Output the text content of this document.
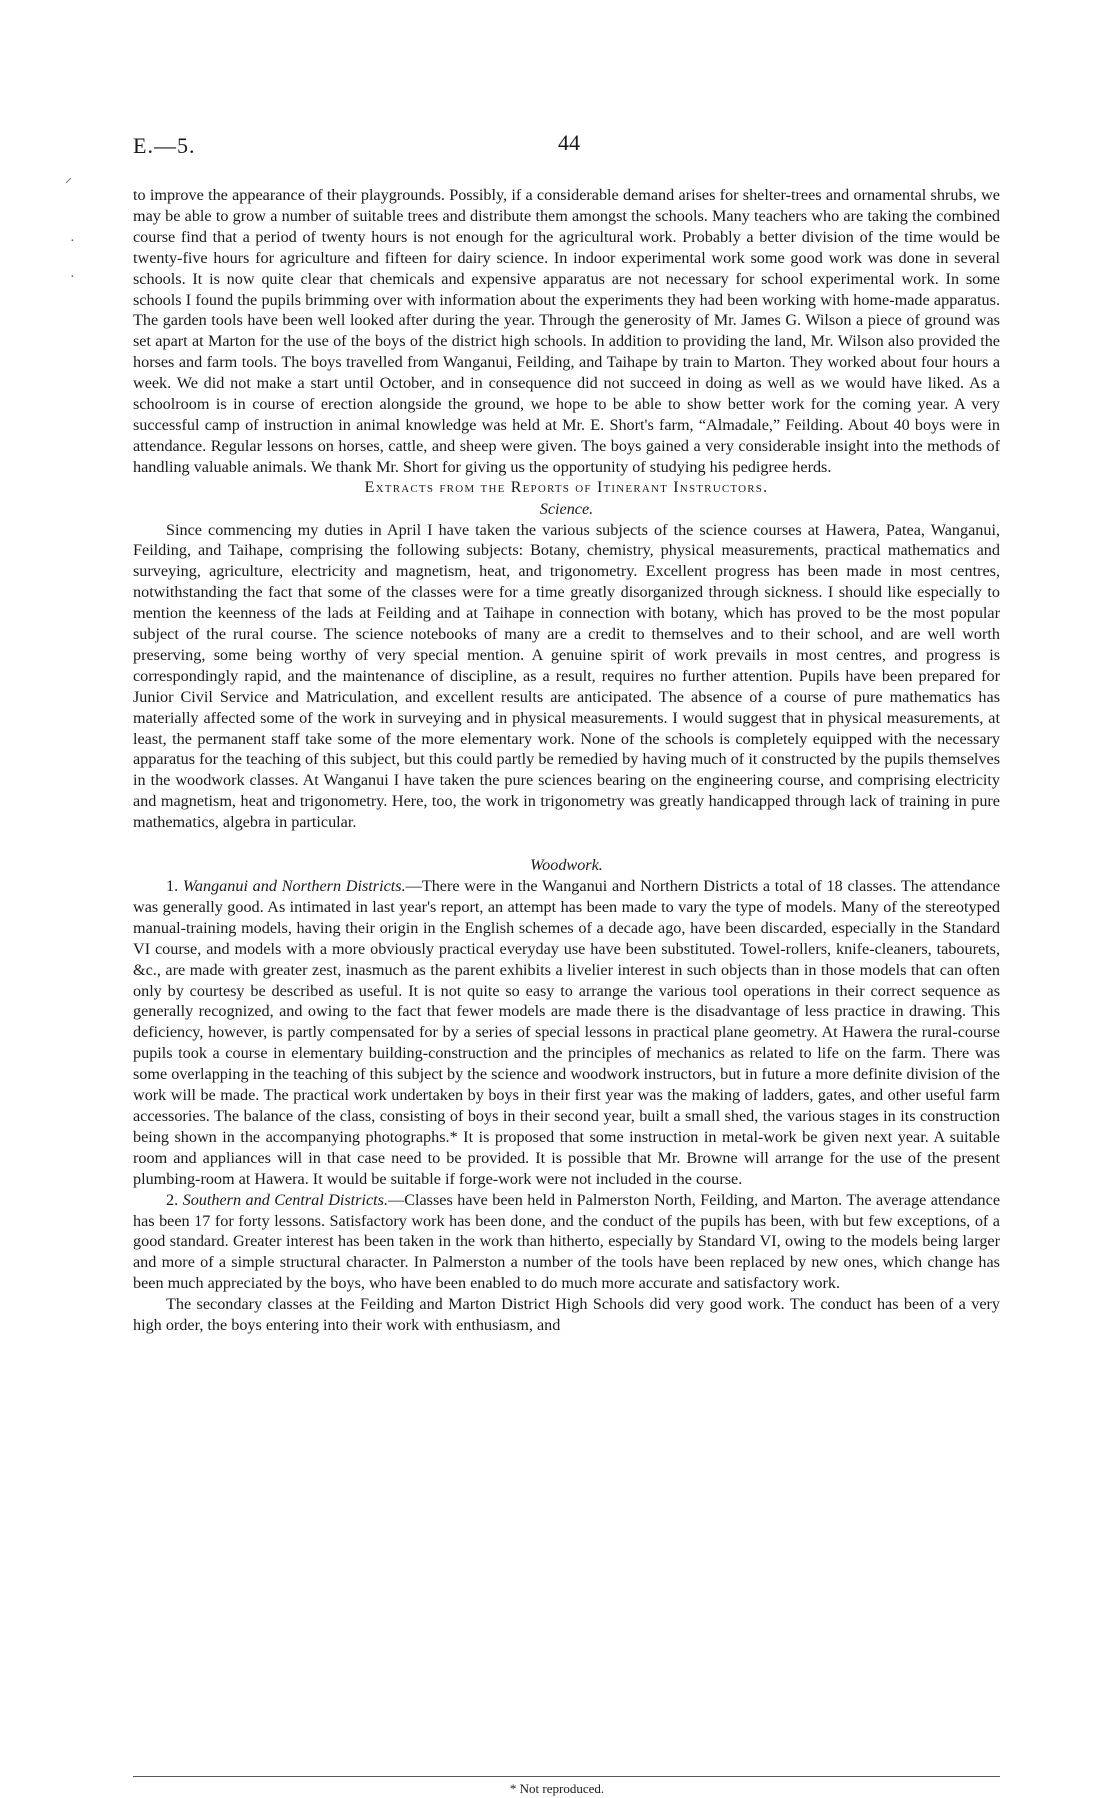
E.—5.	44
⸝
·
·

to improve the appearance of their playgrounds. Possibly, if a considerable demand arises for shelter-trees and ornamental shrubs, we may be able to grow a number of suitable trees and distribute them amongst the schools. Many teachers who are taking the combined course find that a period of twenty hours is not enough for the agricultural work. Probably a better division of the time would be twenty-five hours for agriculture and fifteen for dairy science. In indoor experimental work some good work was done in several schools. It is now quite clear that chemicals and expensive apparatus are not necessary for school experimental work. In some schools I found the pupils brimming over with information about the experiments they had been working with home-made apparatus. The garden tools have been well looked after during the year. Through the generosity of Mr. James G. Wilson a piece of ground was set apart at Marton for the use of the boys of the district high schools. In addition to providing the land, Mr. Wilson also provided the horses and farm tools. The boys travelled from Wanganui, Feilding, and Taihape by train to Marton. They worked about four hours a week. We did not make a start until October, and in consequence did not succeed in doing as well as we would have liked. As a schoolroom is in course of erection alongside the ground, we hope to be able to show better work for the coming year. A very successful camp of instruction in animal knowledge was held at Mr. E. Short's farm, “Almadale,” Feilding. About 40 boys were in attendance. Regular lessons on horses, cattle, and sheep were given. The boys gained a very considerable insight into the methods of handling valuable animals. We thank Mr. Short for giving us the opportunity of studying his pedigree herds.

Extracts from the Reports of Itinerant Instructors.

Science.

Since commencing my duties in April I have taken the various subjects of the science courses at Hawera, Patea, Wanganui, Feilding, and Taihape, comprising the following subjects: Botany, chemistry, physical measurements, practical mathematics and surveying, agriculture, electricity and magnetism, heat, and trigonometry. Excellent progress has been made in most centres, notwithstanding the fact that some of the classes were for a time greatly disorganized through sickness. I should like especially to mention the keenness of the lads at Feilding and at Taihape in connection with botany, which has proved to be the most popular subject of the rural course. The science notebooks of many are a credit to themselves and to their school, and are well worth preserving, some being worthy of very special mention. A genuine spirit of work prevails in most centres, and progress is correspondingly rapid, and the maintenance of discipline, as a result, requires no further attention. Pupils have been prepared for Junior Civil Service and Matriculation, and excellent results are anticipated. The absence of a course of pure mathematics has materially affected some of the work in surveying and in physical measurements. I would suggest that in physical measurements, at least, the permanent staff take some of the more elementary work. None of the schools is completely equipped with the necessary apparatus for the teaching of this subject, but this could partly be remedied by having much of it constructed by the pupils themselves in the woodwork classes. At Wanganui I have taken the pure sciences bearing on the engineering course, and comprising electricity and magnetism, heat and trigonometry. Here, too, the work in trigonometry was greatly handicapped through lack of training in pure mathematics, algebra in particular.

Woodwork.

1. Wanganui and Northern Districts.—There were in the Wanganui and Northern Districts a total of 18 classes. The attendance was generally good. As intimated in last year's report, an attempt has been made to vary the type of models. Many of the stereotyped manual-training models, having their origin in the English schemes of a decade ago, have been discarded, especially in the Standard VI course, and models with a more obviously practical everyday use have been substituted. Towel-rollers, knife-cleaners, tabourets, &c., are made with greater zest, inasmuch as the parent exhibits a livelier interest in such objects than in those models that can often only by courtesy be described as useful. It is not quite so easy to arrange the various tool operations in their correct sequence as generally recognized, and owing to the fact that fewer models are made there is the disadvantage of less practice in drawing. This deficiency, however, is partly compensated for by a series of special lessons in practical plane geometry. At Hawera the rural-course pupils took a course in elementary building-construction and the principles of mechanics as related to life on the farm. There was some overlapping in the teaching of this subject by the science and woodwork instructors, but in future a more definite division of the work will be made. The practical work undertaken by boys in their first year was the making of ladders, gates, and other useful farm accessories. The balance of the class, consisting of boys in their second year, built a small shed, the various stages in its construction being shown in the accompanying photographs.* It is proposed that some instruction in metal-work be given next year. A suitable room and appliances will in that case need to be provided. It is possible that Mr. Browne will arrange for the use of the present plumbing-room at Hawera. It would be suitable if forge-work were not included in the course.

2. Southern and Central Districts.—Classes have been held in Palmerston North, Feilding, and Marton. The average attendance has been 17 for forty lessons. Satisfactory work has been done, and the conduct of the pupils has been, with but few exceptions, of a good standard. Greater interest has been taken in the work than hitherto, especially by Standard VI, owing to the models being larger and more of a simple structural character. In Palmerston a number of the tools have been replaced by new ones, which change has been much appreciated by the boys, who have been enabled to do much more accurate and satisfactory work.

The secondary classes at the Feilding and Marton District High Schools did very good work. The conduct has been of a very high order, the boys entering into their work with enthusiasm, and

* Not reproduced.
